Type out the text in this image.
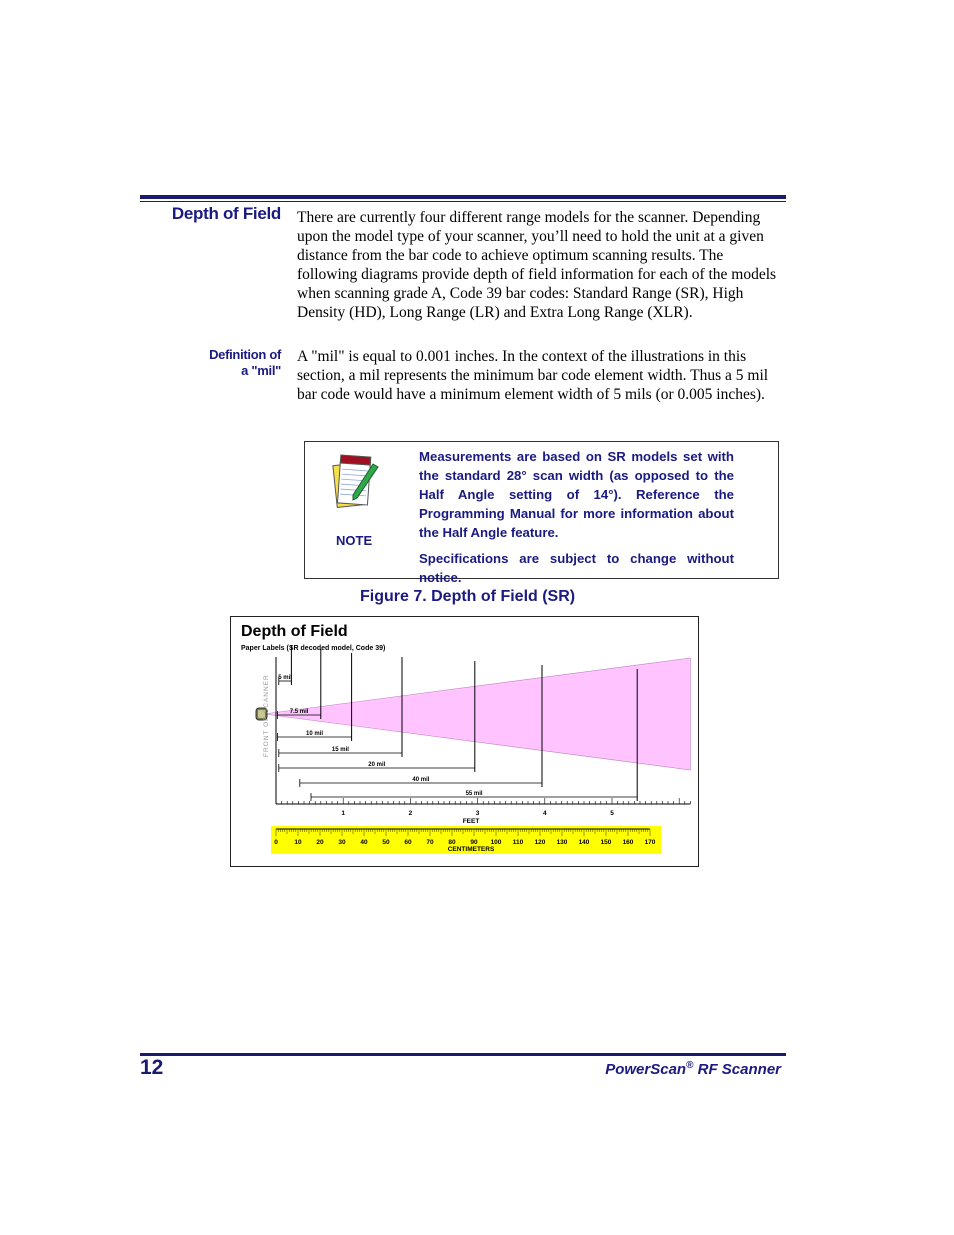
Depth of Field There are currently four different range models for the scanner. Depending upon the model type of your scanner, you’ll need to hold the unit at a given distance from the bar code to achieve optimum scanning results. The following diagrams provide depth of field information for each of the models when scanning grade A, Code 39 bar codes: Standard Range (SR), High Density (HD), Long Range (LR) and Extra Long Range (XLR).
Definition of
a "mil"
A "mil" is equal to 0.001 inches. In the context of the illustrations in this section, a mil represents the minimum bar code element width. Thus a 5 mil bar code would have a minimum element width of 5 mils (or 0.005 inches).
NOTE

Measurements are based on SR models set with the standard 28° scan width (as opposed to the Half Angle setting of 14°). Reference the Programming Manual for more information about the Half Angle feature.

Specifications are subject to change without notice.

Figure 7. Depth of Field (SR)
Depth of Field
Paper Labels (SR decoded model, Code 39)
1	2	3	4	5
0	10 20 30 40 50 60 70 80 90 100 110 120 130 140 150 160 170
5 mil
7.5 mil
10 mil
15 mil
20 mil
40 mil
55 mil
FRONT OF SCANNER
FEET
CENTIMETERS
12	PowerScan® RF Scanner
